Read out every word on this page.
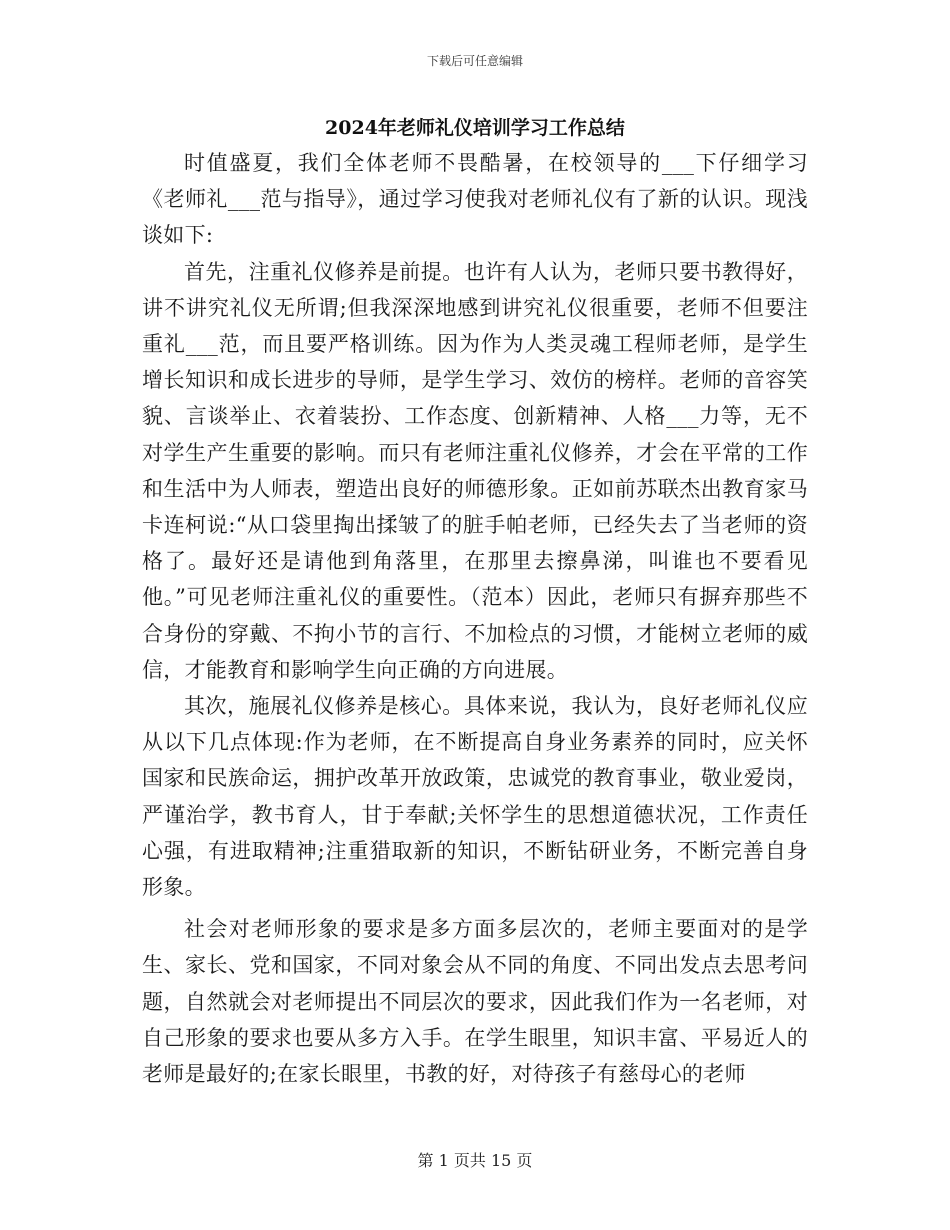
下载后可任意编辑
2024年老师礼仪培训学习工作总结

时值盛夏，我们全体老师不畏酷暑，在校领导的___下仔细学习《老师礼___范与指导》，通过学习使我对老师礼仪有了新的认识。现浅谈如下:

首先，注重礼仪修养是前提。也许有人认为，老师只要书教得好，讲不讲究礼仪无所谓;但我深深地感到讲究礼仪很重要，老师不但要注重礼___范，而且要严格训练。因为作为人类灵魂工程师老师，是学生增长知识和成长进步的导师，是学生学习、效仿的榜样。老师的音容笑貌、言谈举止、衣着装扮、工作态度、创新精神、人格___力等，无不对学生产生重要的影响。而只有老师注重礼仪修养，才会在平常的工作和生活中为人师表，塑造出良好的师德形象。正如前苏联杰出教育家马卡连柯说:“从口袋里掏出揉皱了的脏手帕老师，已经失去了当老师的资格了。最好还是请他到角落里，在那里去擦鼻涕，叫谁也不要看见他。”可见老师注重礼仪的重要性。（范本）因此，老师只有摒弃那些不合身份的穿戴、不拘小节的言行、不加检点的习惯，才能树立老师的威信，才能教育和影响学生向正确的方向进展。

其次，施展礼仪修养是核心。具体来说，我认为，良好老师礼仪应从以下几点体现:作为老师，在不断提高自身业务素养的同时，应关怀国家和民族命运，拥护改革开放政策，忠诚党的教育事业，敬业爱岗，严谨治学，教书育人，甘于奉献;关怀学生的思想道德状况，工作责任心强，有进取精神;注重猎取新的知识，不断钻研业务，不断完善自身形象。

社会对老师形象的要求是多方面多层次的，老师主要面对的是学生、家长、党和国家，不同对象会从不同的角度、不同出发点去思考问题，自然就会对老师提出不同层次的要求，因此我们作为一名老师，对自己形象的要求也要从多方入手。在学生眼里，知识丰富、平易近人的老师是最好的;在家长眼里，书教的好，对待孩子有慈母心的老师

第 1 页共 15 页
